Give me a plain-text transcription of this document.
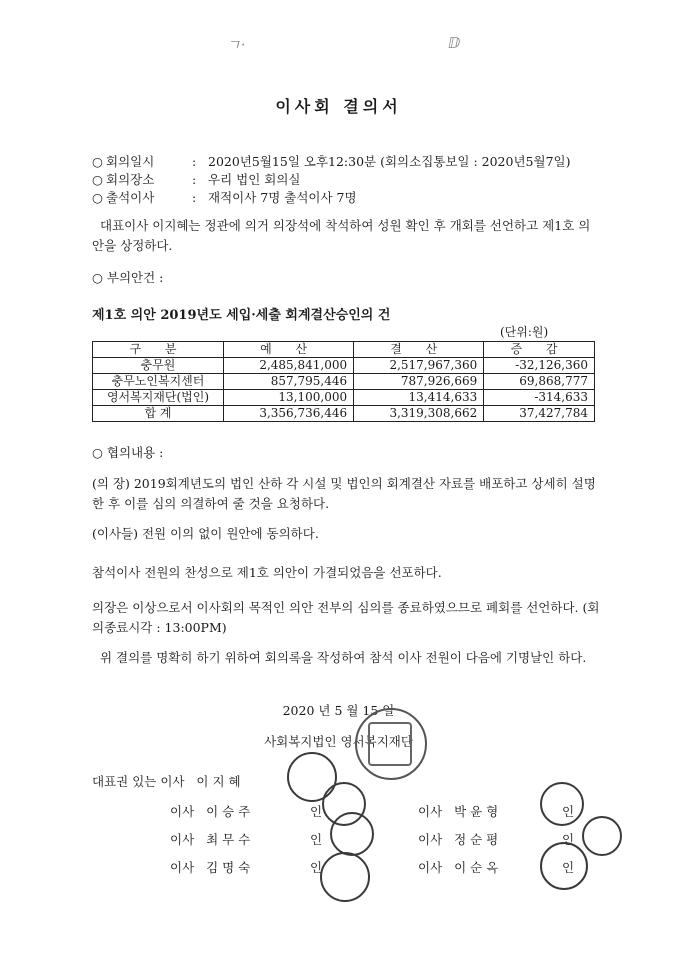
ㄱ·	ⅅ
이사회 결의서
○ 회의일시	: 2020년5월15일 오후12:30분 (회의소집통보일 : 2020년5월7일)
○ 회의장소	: 우리 법인 회의실
○ 출석이사	: 재적이사 7명 출석이사 7명
대표이사 이지혜는 정관에 의거 의장석에 착석하여 성원 확인 후 개회를 선언하고 제1호 의안을 상정하다.
○ 부의안건 :
제1호 의안 2019년도 세입·세출 회계결산승인의 건
(단위:원)
구 분	예 산	결 산	증 감
충무원	2,485,841,000	2,517,967,360	-32,126,360
충무노인복지센터	857,795,446	787,926,669	69,868,777
영서복지재단(법인)	13,100,000	13,414,633	-314,633
합 계	3,356,736,446	3,319,308,662	37,427,784
○ 협의내용 :
(의 장) 2019회계년도의 법인 산하 각 시설 및 법인의 회계결산 자료를 배포하고 상세히 설명한 후 이를 심의 의결하여 줄 것을 요청하다.
(이사들) 전원 이의 없이 원안에 동의하다.
참석이사 전원의 찬성으로 제1호 의안이 가결되었음을 선포하다.
의장은 이상으로서 이사회의 목적인 의안 전부의 심의를 종료하였으므로 폐회를 선언하다. (회의종료시각 : 13:00PM)
위 결의를 명확히 하기 위하여 회의록을 작성하여 참석 이사 전원이 다음에 기명날인 하다.
2020 년 5 월 15 일
사회복지법인 영서복지재단
대표권 있는 이사 이 지 혜
이사 이 승 주	인
이사 최 무 수	인
이사 김 명 숙	인
이사 박 윤 형	인
이사 정 순 평	인
이사 이 순 옥	인
